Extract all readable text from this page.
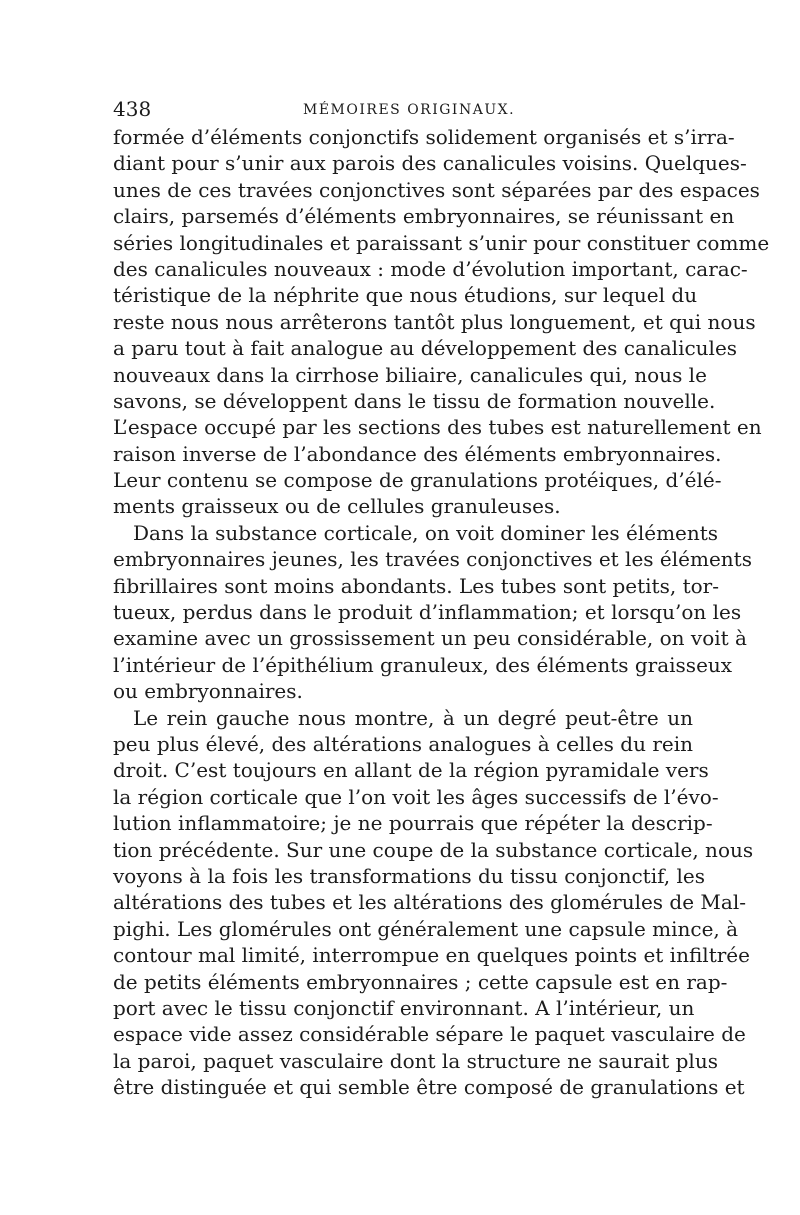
438	MÉMOIRES ORIGINAUX.
formée d’éléments conjonctifs solidement organisés et s’irra-
diant pour s’unir aux parois des canalicules voisins. Quelques-
unes de ces travées conjonctives sont séparées par des espaces
clairs, parsemés d’éléments embryonnaires, se réunissant en
séries longitudinales et paraissant s’unir pour constituer comme
des canalicules nouveaux : mode d’évolution important, carac-
téristique de la néphrite que nous étudions, sur lequel du
reste nous nous arrêterons tantôt plus longuement, et qui nous
a paru tout à fait analogue au développement des canalicules
nouveaux dans la cirrhose biliaire, canalicules qui, nous le
savons, se développent dans le tissu de formation nouvelle.
L’espace occupé par les sections des tubes est naturellement en
raison inverse de l’abondance des éléments embryonnaires.
Leur contenu se compose de granulations protéiques, d’élé-
ments graisseux ou de cellules granuleuses.
Dans la substance corticale, on voit dominer les éléments
embryonnaires jeunes, les travées conjonctives et les éléments
fibrillaires sont moins abondants. Les tubes sont petits, tor-
tueux, perdus dans le produit d’inflammation; et lorsqu’on les
examine avec un grossissement un peu considérable, on voit à
l’intérieur de l’épithélium granuleux, des éléments graisseux
ou embryonnaires.
Le rein gauche nous montre, à un degré peut-être un
peu plus élevé, des altérations analogues à celles du rein
droit. C’est toujours en allant de la région pyramidale vers
la région corticale que l’on voit les âges successifs de l’évo-
lution inflammatoire; je ne pourrais que répéter la descrip-
tion précédente. Sur une coupe de la substance corticale, nous
voyons à la fois les transformations du tissu conjonctif, les
altérations des tubes et les altérations des glomérules de Mal-
pighi. Les glomérules ont généralement une capsule mince, à
contour mal limité, interrompue en quelques points et infiltrée
de petits éléments embryonnaires ; cette capsule est en rap-
port avec le tissu conjonctif environnant. A l’intérieur, un
espace vide assez considérable sépare le paquet vasculaire de
la paroi, paquet vasculaire dont la structure ne saurait plus
être distinguée et qui semble être composé de granulations et
